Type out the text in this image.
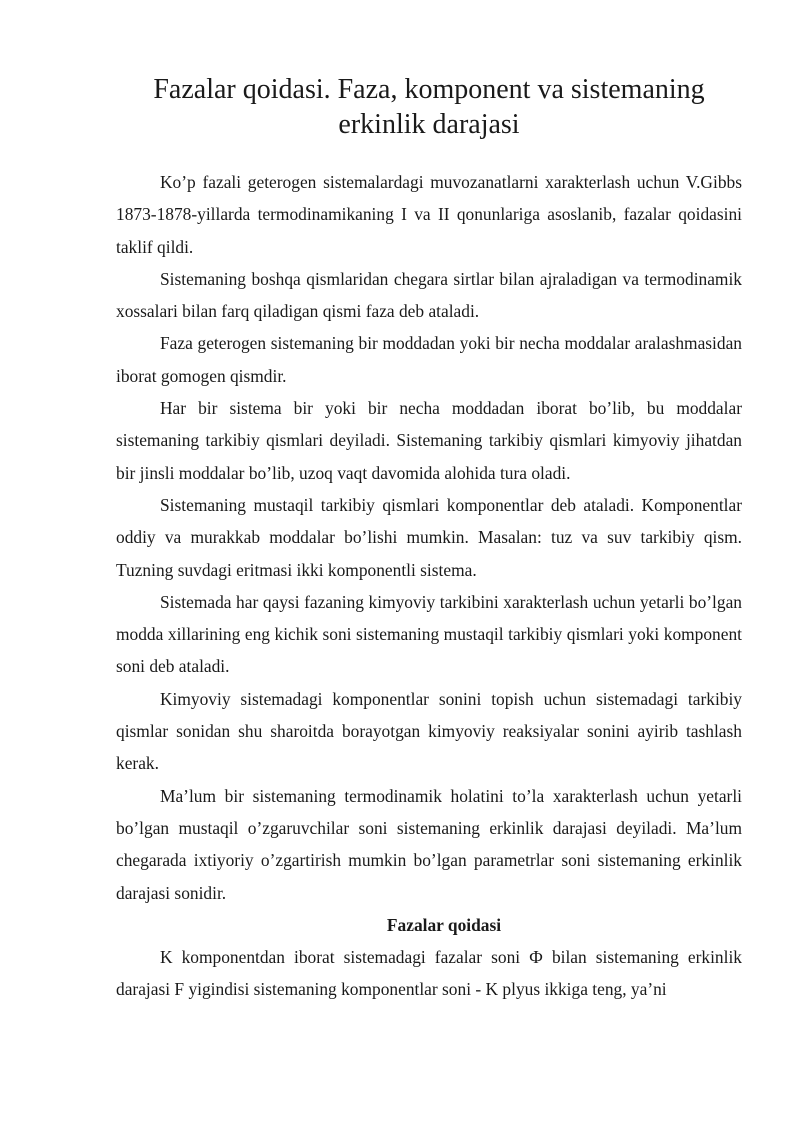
Fazalar qoidasi. Faza, komponent va sistemaning erkinlik darajasi

Ko’p fazali geterogen sistemalardagi muvozanatlarni xarakterlash uchun V.Gibbs 1873-1878-yillarda termodinamikaning I va II qonunlariga asoslanib, fazalar qoidasini taklif qildi.

Sistemaning boshqa qismlaridan chegara sirtlar bilan ajraladigan va termodinamik xossalari bilan farq qiladigan qismi faza deb ataladi.

Faza geterogen sistemaning bir moddadan yoki bir necha moddalar aralashmasidan iborat gomogen qismdir.

Har bir sistema bir yoki bir necha moddadan iborat bo’lib, bu moddalar sistemaning tarkibiy qismlari deyiladi. Sistemaning tarkibiy qismlari kimyoviy jihatdan bir jinsli moddalar bo’lib, uzoq vaqt davomida alohida tura oladi.

Sistemaning mustaqil tarkibiy qismlari komponentlar deb ataladi. Komponentlar oddiy va murakkab moddalar bo’lishi mumkin. Masalan: tuz va suv tarkibiy qism. Tuzning suvdagi eritmasi ikki komponentli sistema.

Sistemada har qaysi fazaning kimyoviy tarkibini xarakterlash uchun yetarli bo’lgan modda xillarining eng kichik soni sistemaning mustaqil tarkibiy qismlari yoki komponent soni deb ataladi.

Kimyoviy sistemadagi komponentlar sonini topish uchun sistemadagi tarkibiy qismlar sonidan shu sharoitda borayotgan kimyoviy reaksiyalar sonini ayirib tashlash kerak.

Ma’lum bir sistemaning termodinamik holatini to’la xarakterlash uchun yetarli bo’lgan mustaqil o’zgaruvchilar soni sistemaning erkinlik darajasi deyiladi. Ma’lum chegarada ixtiyoriy o’zgartirish mumkin bo’lgan parametrlar soni sistemaning erkinlik darajasi sonidir.

Fazalar qoidasi

K komponentdan iborat sistemadagi fazalar soni Ф bilan sistemaning erkinlik darajasi F yigindisi sistemaning komponentlar soni - K plyus ikkiga teng, ya’ni
